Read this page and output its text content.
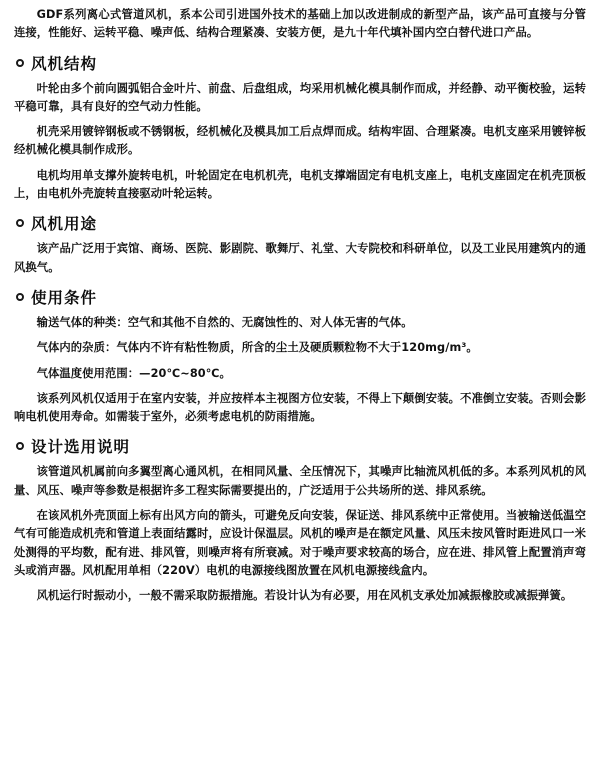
GDF系列离心式管道风机，系本公司引进国外技术的基础上加以改进制成的新型产品，该产品可直接与分管连接，性能好、运转平稳、噪声低、结构合理紧凑、安装方便，是九十年代填补国内空白替代进口产品。

风机结构

叶轮由多个前向圆弧铝合金叶片、前盘、后盘组成，均采用机械化模具制作而成，并经静、动平衡校验，运转平稳可靠，具有良好的空气动力性能。

机壳采用镀锌钢板或不锈钢板，经机械化及模具加工后点焊而成。结构牢固、合理紧凑。电机支座采用镀锌板经机械化模具制作成形。

电机均用单支撑外旋转电机，叶轮固定在电机机壳，电机支撑端固定有电机支座上，电机支座固定在机壳顶板上，由电机外壳旋转直接驱动叶轮运转。

风机用途

该产品广泛用于宾馆、商场、医院、影剧院、歌舞厅、礼堂、大专院校和科研单位，以及工业民用建筑内的通风换气。

使用条件

输送气体的种类：空气和其他不自然的、无腐蚀性的、对人体无害的气体。

气体内的杂质：气体内不许有粘性物质，所含的尘土及硬质颗粒物不大于120mg/m³。

气体温度使用范围：—20℃~80℃。

该系列风机仅适用于在室内安装，并应按样本主视图方位安装，不得上下颠倒安装。不准倒立安装。否则会影响电机使用寿命。如需装于室外，必须考虑电机的防雨措施。

设计选用说明

该管道风机属前向多翼型离心通风机，在相同风量、全压情况下，其噪声比轴流风机低的多。本系列风机的风量、风压、噪声等参数是根据许多工程实际需要提出的，广泛适用于公共场所的送、排风系统。

在该风机外壳顶面上标有出风方向的箭头，可避免反向安装，保证送、排风系统中正常使用。当被输送低温空气有可能造成机壳和管道上表面结露时，应设计保温层。风机的噪声是在额定风量、风压未按风管时距进风口一米处测得的平均数，配有进、排风管，则噪声将有所衰减。对于噪声要求较高的场合，应在进、排风管上配置消声弯头或消声器。风机配用单相（220V）电机的电源接线图放置在风机电源接线盒内。

风机运行时振动小，一般不需采取防振措施。若设计认为有必要，用在风机支承处加减振橡胶或减振弹簧。
